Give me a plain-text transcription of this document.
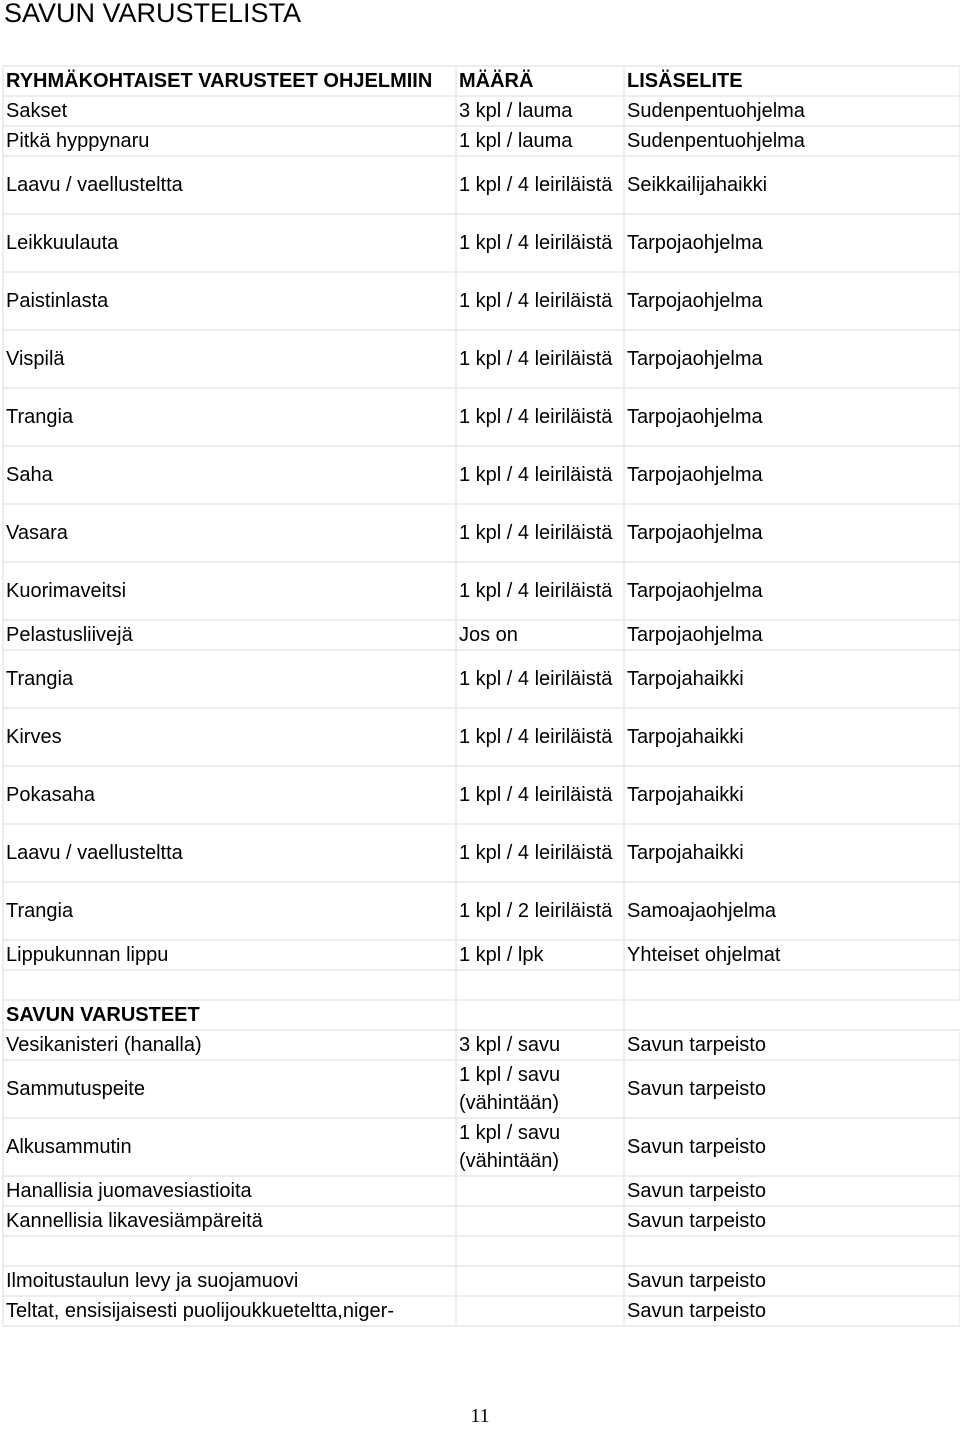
SAVUN VARUSTELISTA
RYHMÄKOHTAISET VARUSTEET OHJELMIIN	MÄÄRÄ	LISÄSELITE
Sakset	3 kpl / lauma	Sudenpentuohjelma
Pitkä hyppynaru	1 kpl / lauma	Sudenpentuohjelma
Laavu / vaellusteltta	1 kpl / 4 leiriläistä	Seikkailijahaikki
Leikkuulauta	1 kpl / 4 leiriläistä	Tarpojaohjelma
Paistinlasta	1 kpl / 4 leiriläistä	Tarpojaohjelma
Vispilä	1 kpl / 4 leiriläistä	Tarpojaohjelma
Trangia	1 kpl / 4 leiriläistä	Tarpojaohjelma
Saha	1 kpl / 4 leiriläistä	Tarpojaohjelma
Vasara	1 kpl / 4 leiriläistä	Tarpojaohjelma
Kuorimaveitsi	1 kpl / 4 leiriläistä	Tarpojaohjelma
Pelastusliivejä	Jos on	Tarpojaohjelma
Trangia	1 kpl / 4 leiriläistä	Tarpojahaikki
Kirves	1 kpl / 4 leiriläistä	Tarpojahaikki
Pokasaha	1 kpl / 4 leiriläistä	Tarpojahaikki
Laavu / vaellusteltta	1 kpl / 4 leiriläistä	Tarpojahaikki
Trangia	1 kpl / 2 leiriläistä	Samoajaohjelma
Lippukunnan lippu	1 kpl / lpk	Yhteiset ohjelmat

SAVUN VARUSTEET		
Vesikanisteri (hanalla)	3 kpl / savu	Savun tarpeisto
Sammutuspeite	1 kpl / savu (vähintään)	Savun tarpeisto
Alkusammutin	1 kpl / savu (vähintään)	Savun tarpeisto
Hanallisia juomavesiastioita		Savun tarpeisto
Kannellisia likavesiämpäreitä		Savun tarpeisto

Ilmoitustaulun levy ja suojamuovi		Savun tarpeisto
Teltat, ensisijaisesti puolijoukkueteltta,niger-		Savun tarpeisto
11
